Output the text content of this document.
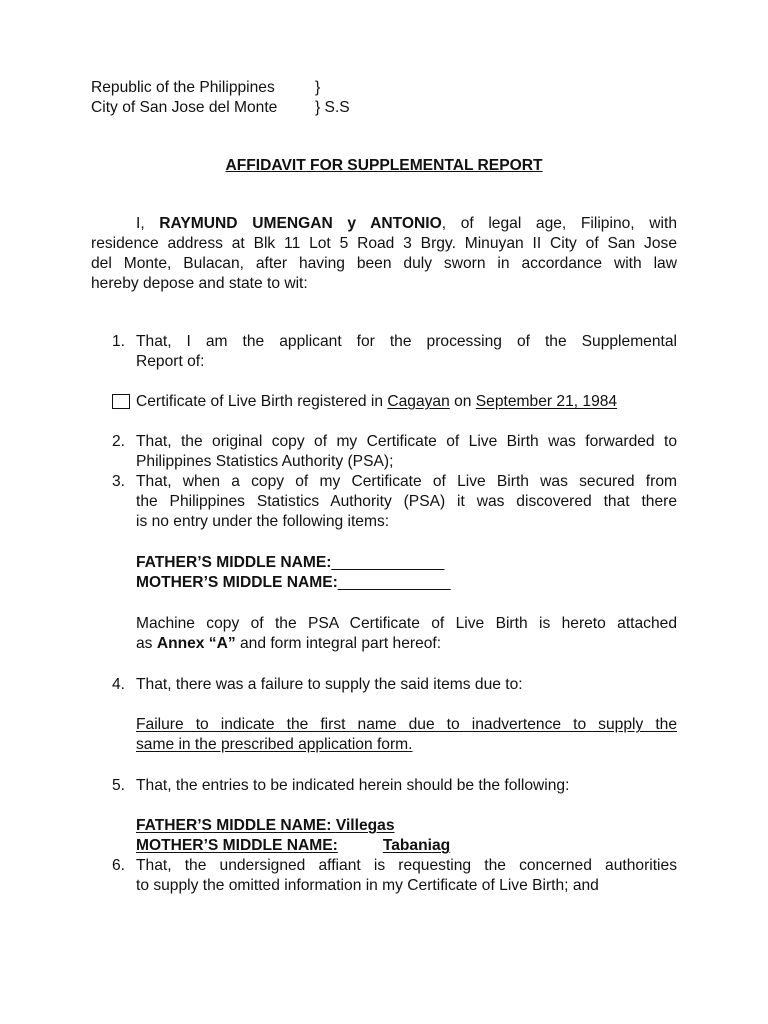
Republic of the Philippines	}
City of San Jose del Monte } S.S
AFFIDAVIT FOR SUPPLEMENTAL REPORT
I, RAYMUND UMENGAN y ANTONIO, of legal age, Filipino, with
residence address at Blk 11 Lot 5 Road 3 Brgy. Minuyan II City of San Jose
del Monte, Bulacan, after having been duly sworn in accordance with law
hereby depose and state to wit:
1. That, I am the applicant for the processing of the Supplemental
Report of:
Certificate of Live Birth registered in Cagayan on September 21, 1984
2. That, the original copy of my Certificate of Live Birth was forwarded to
Philippines Statistics Authority (PSA);
3. That, when a copy of my Certificate of Live Birth was secured from
the Philippines Statistics Authority (PSA) it was discovered that there
is no entry under the following items:
FATHER’S MIDDLE NAME:_____________
MOTHER’S MIDDLE NAME:_____________
Machine copy of the PSA Certificate of Live Birth is hereto attached
as Annex “A” and form integral part hereof:
4. That, there was a failure to supply the said items due to:
Failure to indicate the first name due to inadvertence to supply the
same in the prescribed application form.
5. That, the entries to be indicated herein should be the following:
FATHER’S MIDDLE NAME: Villegas
MOTHER’S MIDDLE NAME:	Tabaniag
6. That, the undersigned affiant is requesting the concerned authorities
to supply the omitted information in my Certificate of Live Birth; and
